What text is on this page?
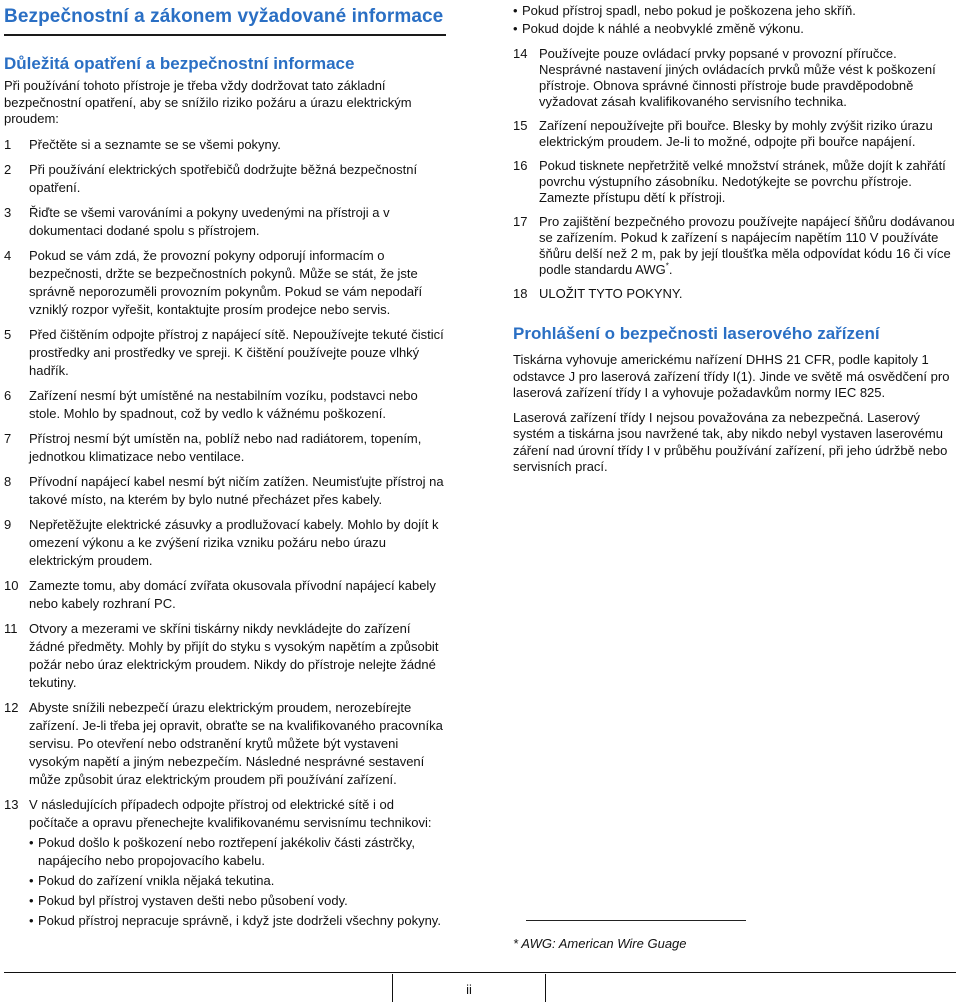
Bezpečnostní a zákonem vyžadované informace
Důležitá opatření a bezpečnostní informace

Při používání tohoto přístroje je třeba vždy dodržovat tato základní bezpečnostní opatření, aby se snížilo riziko požáru a úrazu elektrickým proudem:

1 Přečtěte si a seznamte se se všemi pokyny.
2 Při používání elektrických spotřebičů dodržujte běžná bezpečnostní opatření.
3 Řiďte se všemi varováními a pokyny uvedenými na přístroji a v dokumentaci dodané spolu s přístrojem.
4 Pokud se vám zdá, že provozní pokyny odporují informacím o bezpečnosti, držte se bezpečnostních pokynů. Může se stát, že jste správně neporozuměli provozním pokynům. Pokud se vám nepodaří vzniklý rozpor vyřešit, kontaktujte prosím prodejce nebo servis.
5 Před čištěním odpojte přístroj z napájecí sítě. Nepoužívejte tekuté čisticí prostředky ani prostředky ve spreji. K čištění používejte pouze vlhký hadřík.
6 Zařízení nesmí být umístěné na nestabilním vozíku, podstavci nebo stole. Mohlo by spadnout, což by vedlo k vážnému poškození.
7 Přístroj nesmí být umístěn na, poblíž nebo nad radiátorem, topením, jednotkou klimatizace nebo ventilace.
8 Přívodní napájecí kabel nesmí být ničím zatížen. Neumisťujte přístroj na takové místo, na kterém by bylo nutné přecházet přes kabely.
9 Nepřetěžujte elektrické zásuvky a prodlužovací kabely. Mohlo by dojít k omezení výkonu a ke zvýšení rizika vzniku požáru nebo úrazu elektrickým proudem.
10 Zamezte tomu, aby domácí zvířata okusovala přívodní napájecí kabely nebo kabely rozhraní PC.
11 Otvory a mezerami ve skříni tiskárny nikdy nevkládejte do zařízení žádné předměty. Mohly by přijít do styku s vysokým napětím a způsobit požár nebo úraz elektrickým proudem. Nikdy do přístroje nelejte žádné tekutiny.
12 Abyste snížili nebezpečí úrazu elektrickým proudem, nerozebírejte zařízení. Je-li třeba jej opravit, obraťte se na kvalifikovaného pracovníka servisu. Po otevření nebo odstranění krytů můžete být vystaveni vysokým napětí a jiným nebezpečím. Následné nesprávné sestavení může způsobit úraz elektrickým proudem při používání zařízení.
13 V následujících případech odpojte přístroj od elektrické sítě i od počítače a opravu přenechejte kvalifikovanému servisnímu technikovi:
• Pokud došlo k poškození nebo roztřepení jakékoliv části zástrčky, napájecího nebo propojovacího kabelu.
• Pokud do zařízení vnikla nějaká tekutina.
• Pokud byl přístroj vystaven dešti nebo působení vody.
• Pokud přístroj nepracuje správně, i když jste dodrželi všechny pokyny.
• Pokud přístroj spadl, nebo pokud je poškozena jeho skříň.
• Pokud dojde k náhlé a neobvyklé změně výkonu.
14 Používejte pouze ovládací prvky popsané v provozní příručce. Nesprávné nastavení jiných ovládacích prvků může vést k poškození přístroje. Obnova správné činnosti přístroje bude pravděpodobně vyžadovat zásah kvalifikovaného servisního technika.
15 Zařízení nepoužívejte při bouřce. Blesky by mohly zvýšit riziko úrazu elektrickým proudem. Je-li to možné, odpojte při bouřce napájení.
16 Pokud tisknete nepřetržitě velké množství stránek, může dojít k zahřátí povrchu výstupního zásobníku. Nedotýkejte se povrchu přístroje. Zamezte přístupu dětí k přístroji.
17 Pro zajištění bezpečného provozu používejte napájecí šňůru dodávanou se zařízením. Pokud k zařízení s napájecím napětím 110 V používáte šňůru delší než 2 m, pak by její tloušťka měla odpovídat kódu 16 či více podle standardu AWG*.
18 ULOŽIT TYTO POKYNY.
Prohlášení o bezpečnosti laserového zařízení

Tiskárna vyhovuje americkému nařízení DHHS 21 CFR, podle kapitoly 1 odstavce J pro laserová zařízení třídy I(1). Jinde ve světě má osvědčení pro laserová zařízení třídy I a vyhovuje požadavkům normy IEC 825.

Laserová zařízení třídy I nejsou považována za nebezpečná. Laserový systém a tiskárna jsou navržené tak, aby nikdo nebyl vystaven laserovému záření nad úrovní třídy I v průběhu používání zařízení, při jeho údržbě nebo servisních prací.

* AWG: American Wire Guage
ii
